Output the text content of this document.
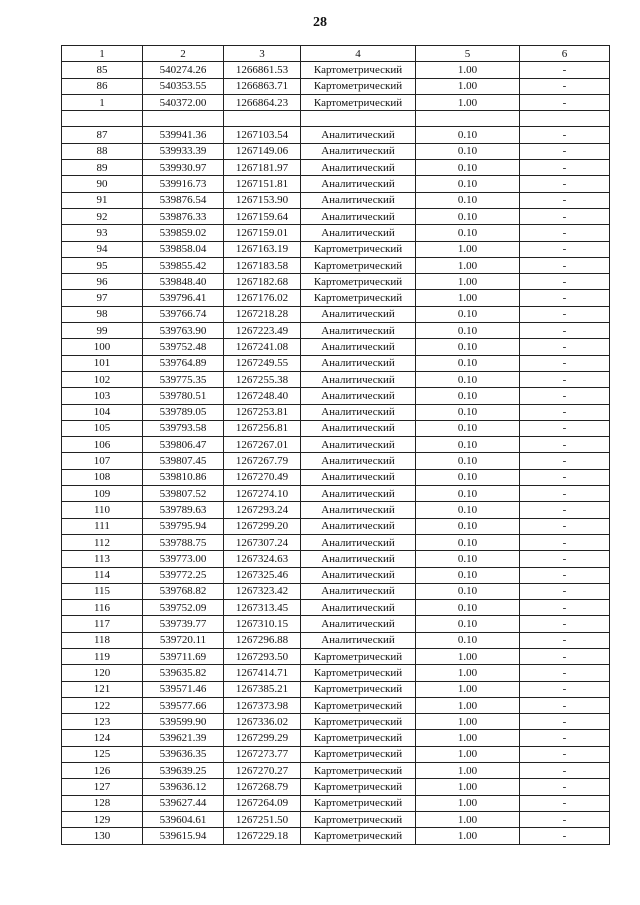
28
1	2	3	4	5	6
85	540274.26	1266861.53	Картометрический	1.00	-
86	540353.55	1266863.71	Картометрический	1.00	-
1	540372.00	1266864.23	Картометрический	1.00	-

87	539941.36	1267103.54	Аналитический	0.10	-
88	539933.39	1267149.06	Аналитический	0.10	-
89	539930.97	1267181.97	Аналитический	0.10	-
90	539916.73	1267151.81	Аналитический	0.10	-
91	539876.54	1267153.90	Аналитический	0.10	-
92	539876.33	1267159.64	Аналитический	0.10	-
93	539859.02	1267159.01	Аналитический	0.10	-
94	539858.04	1267163.19	Картометрический	1.00	-
95	539855.42	1267183.58	Картометрический	1.00	-
96	539848.40	1267182.68	Картометрический	1.00	-
97	539796.41	1267176.02	Картометрический	1.00	-
98	539766.74	1267218.28	Аналитический	0.10	-
99	539763.90	1267223.49	Аналитический	0.10	-
100	539752.48	1267241.08	Аналитический	0.10	-
101	539764.89	1267249.55	Аналитический	0.10	-
102	539775.35	1267255.38	Аналитический	0.10	-
103	539780.51	1267248.40	Аналитический	0.10	-
104	539789.05	1267253.81	Аналитический	0.10	-
105	539793.58	1267256.81	Аналитический	0.10	-
106	539806.47	1267267.01	Аналитический	0.10	-
107	539807.45	1267267.79	Аналитический	0.10	-
108	539810.86	1267270.49	Аналитический	0.10	-
109	539807.52	1267274.10	Аналитический	0.10	-
110	539789.63	1267293.24	Аналитический	0.10	-
111	539795.94	1267299.20	Аналитический	0.10	-
112	539788.75	1267307.24	Аналитический	0.10	-
113	539773.00	1267324.63	Аналитический	0.10	-
114	539772.25	1267325.46	Аналитический	0.10	-
115	539768.82	1267323.42	Аналитический	0.10	-
116	539752.09	1267313.45	Аналитический	0.10	-
117	539739.77	1267310.15	Аналитический	0.10	-
118	539720.11	1267296.88	Аналитический	0.10	-
119	539711.69	1267293.50	Картометрический	1.00	-
120	539635.82	1267414.71	Картометрический	1.00	-
121	539571.46	1267385.21	Картометрический	1.00	-
122	539577.66	1267373.98	Картометрический	1.00	-
123	539599.90	1267336.02	Картометрический	1.00	-
124	539621.39	1267299.29	Картометрический	1.00	-
125	539636.35	1267273.77	Картометрический	1.00	-
126	539639.25	1267270.27	Картометрический	1.00	-
127	539636.12	1267268.79	Картометрический	1.00	-
128	539627.44	1267264.09	Картометрический	1.00	-
129	539604.61	1267251.50	Картометрический	1.00	-
130	539615.94	1267229.18	Картометрический	1.00	-
